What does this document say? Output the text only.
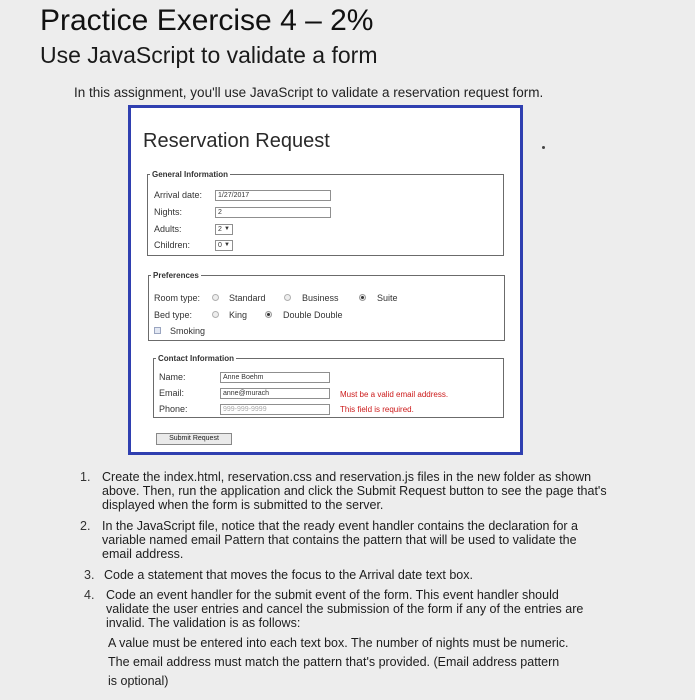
Practice Exercise 4 – 2%
Use JavaScript to validate a form
In this assignment, you'll use JavaScript to validate a reservation request form.
Reservation Request
General Information
Arrival date:	1/27/2017
Nights:	2
Adults:	2 ▼
Children:	0 ▼
Preferences
Room type:	Standard	Business	Suite
Bed type:	King	Double Double
Smoking
Contact Information
Name:	Anne Boehm
Email:	anne@murach	Must be a valid email address.
Phone:	999-999-9999	This field is required.
Submit Request
1. Create the index.html, reservation.css and reservation.js files in the new folder as shown
above. Then, run the application and click the Submit Request button to see the page that's
displayed when the form is submitted to the server.
2. In the JavaScript file, notice that the ready event handler contains the declaration for a
variable named email Pattern that contains the pattern that will be used to validate the
email address.
3. Code a statement that moves the focus to the Arrival date text box.
4. Code an event handler for the submit event of the form. This event handler should
validate the user entries and cancel the submission of the form if any of the entries are
invalid. The validation is as follows:
A value must be entered into each text box. The number of nights must be numeric.
The email address must match the pattern that's provided. (Email address pattern
is optional)
